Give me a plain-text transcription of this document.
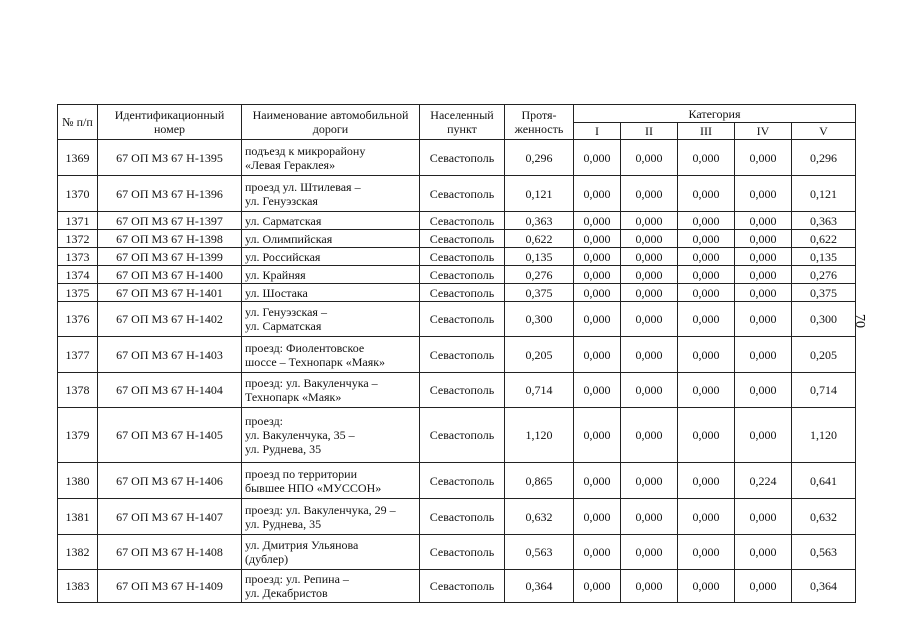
№ п/п	Идентификационный номер	Наименование автомобильной дороги	Населенный пункт	Протя- женность	Категория				
					I	II	III	IV	V
1369	67 ОП МЗ 67 Н-1395	подъезд к микрорайону
«Левая Гераклея»	Севастополь	0,296	0,000	0,000	0,000	0,000	0,296
1370	67 ОП МЗ 67 Н-1396	проезд ул. Штилевая –
ул. Генуэзская	Севастополь	0,121	0,000	0,000	0,000	0,000	0,121
1371	67 ОП МЗ 67 Н-1397	ул. Сарматская	Севастополь	0,363	0,000	0,000	0,000	0,000	0,363
1372	67 ОП МЗ 67 Н-1398	ул. Олимпийская	Севастополь	0,622	0,000	0,000	0,000	0,000	0,622
1373	67 ОП МЗ 67 Н-1399	ул. Российская	Севастополь	0,135	0,000	0,000	0,000	0,000	0,135
1374	67 ОП МЗ 67 Н-1400	ул. Крайняя	Севастополь	0,276	0,000	0,000	0,000	0,000	0,276
1375	67 ОП МЗ 67 Н-1401	ул. Шостака	Севастополь	0,375	0,000	0,000	0,000	0,000	0,375
1376	67 ОП МЗ 67 Н-1402	ул. Генуэзская –
ул. Сарматская	Севастополь	0,300	0,000	0,000	0,000	0,000	0,300
1377	67 ОП МЗ 67 Н-1403	проезд: Фиолентовское
шоссе – Технопарк «Маяк»	Севастополь	0,205	0,000	0,000	0,000	0,000	0,205
1378	67 ОП МЗ 67 Н-1404	проезд: ул. Вакуленчука –
Технопарк «Маяк»	Севастополь	0,714	0,000	0,000	0,000	0,000	0,714
1379	67 ОП МЗ 67 Н-1405	проезд:
ул. Вакуленчука, 35 –
ул. Руднева, 35	Севастополь	1,120	0,000	0,000	0,000	0,000	1,120
1380	67 ОП МЗ 67 Н-1406	проезд по территории
бывшее НПО «МУССОН»	Севастополь	0,865	0,000	0,000	0,000	0,224	0,641
1381	67 ОП МЗ 67 Н-1407	проезд: ул. Вакуленчука, 29 –
ул. Руднева, 35	Севастополь	0,632	0,000	0,000	0,000	0,000	0,632
1382	67 ОП МЗ 67 Н-1408	ул. Дмитрия Ульянова
(дублер)	Севастополь	0,563	0,000	0,000	0,000	0,000	0,563
1383	67 ОП МЗ 67 Н-1409	проезд: ул. Репина –
ул. Декабристов	Севастополь	0,364	0,000	0,000	0,000	0,000	0,364
70
